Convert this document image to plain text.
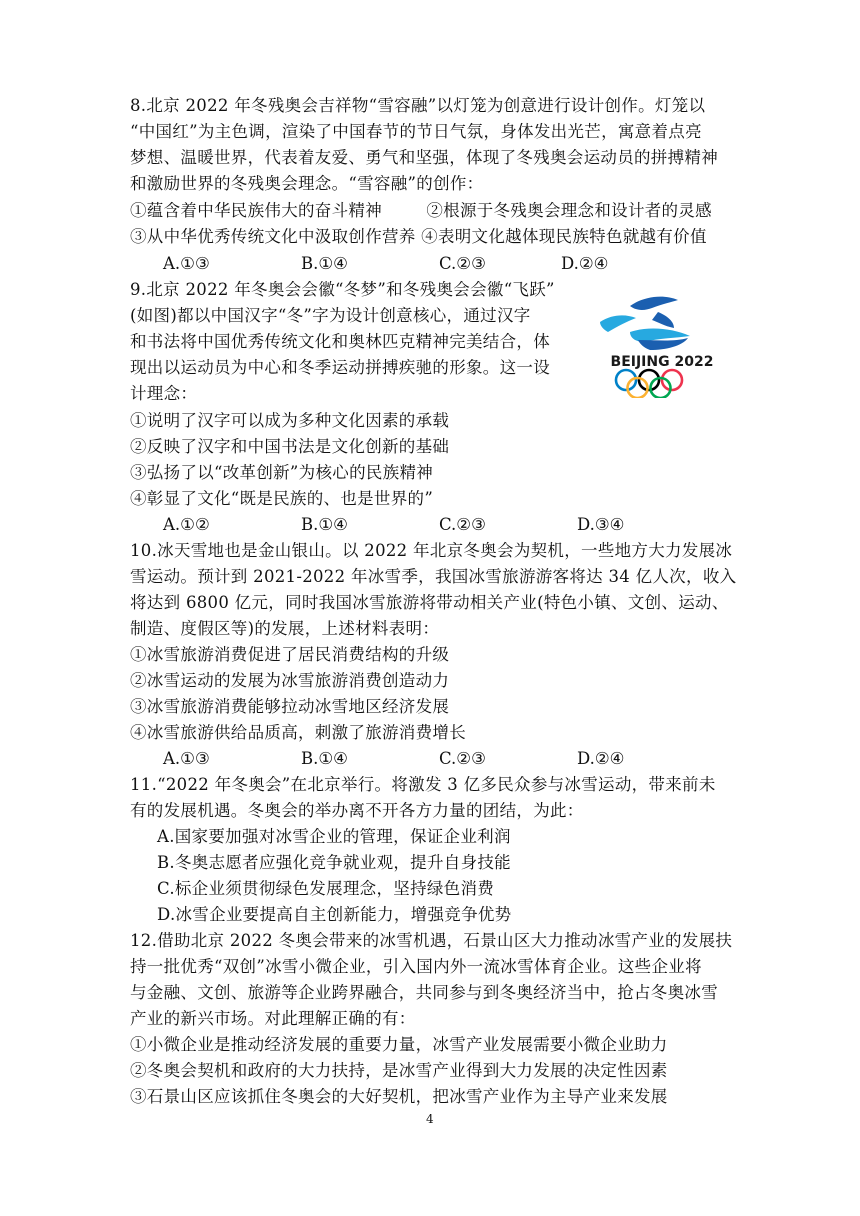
8.北京 2022 年冬残奥会吉祥物“雪容融”以灯笼为创意进行设计创作。灯笼以
“中国红”为主色调，渲染了中国春节的节日气氛，身体发出光芒，寓意着点亮
梦想、温暖世界，代表着友爱、勇气和坚强，体现了冬残奥会运动员的拼搏精神
和激励世界的冬残奥会理念。“雪容融”的创作：
①蕴含着中华民族伟大的奋斗精神        ②根源于冬残奥会理念和设计者的灵感
③从中华优秀传统文化中汲取创作营养 ④表明文化越体现民族特色就越有价值
A.①③	B.①④	C.②③	D.②④
9.北京 2022 年冬奥会会徽“冬梦”和冬残奥会会徽“飞跃”
(如图)都以中国汉字“冬”字为设计创意核心，通过汉字
和书法将中国优秀传统文化和奥林匹克精神完美结合，体
现出以运动员为中心和冬季运动拼搏疾驰的形象。这一设
计理念：
①说明了汉字可以成为多种文化因素的承载
②反映了汉字和中国书法是文化创新的基础
③弘扬了以“改革创新”为核心的民族精神
④彰显了文化“既是民族的、也是世界的”
A.①②	B.①④	C.②③	D.③④
BEIJING 2022
10.冰天雪地也是金山银山。以 2022 年北京冬奥会为契机，一些地方大力发展冰
雪运动。预计到 2021-2022 年冰雪季，我国冰雪旅游游客将达 34 亿人次，收入
将达到 6800 亿元，同时我国冰雪旅游将带动相关产业(特色小镇、文创、运动、
制造、度假区等)的发展，上述材料表明：
①冰雪旅游消费促进了居民消费结构的升级
②冰雪运动的发展为冰雪旅游消费创造动力
③冰雪旅游消费能够拉动冰雪地区经济发展
④冰雪旅游供给品质高，刺激了旅游消费增长
A.①③	B.①④	C.②③	D.②④
11.“2022 年冬奥会”在北京举行。将激发 3 亿多民众参与冰雪运动，带来前未
有的发展机遇。冬奥会的举办离不开各方力量的团结，为此：
A.国家要加强对冰雪企业的管理，保证企业利润
B.冬奥志愿者应强化竞争就业观，提升自身技能
C.标企业须贯彻绿色发展理念，坚持绿色消费
D.冰雪企业要提高自主创新能力，增强竞争优势
12.借助北京 2022 冬奥会带来的冰雪机遇，石景山区大力推动冰雪产业的发展扶
持一批优秀“双创”冰雪小微企业，引入国内外一流冰雪体育企业。这些企业将
与金融、文创、旅游等企业跨界融合，共同参与到冬奥经济当中，抢占冬奥冰雪
产业的新兴市场。对此理解正确的有：
①小微企业是推动经济发展的重要力量，冰雪产业发展需要小微企业助力
②冬奥会契机和政府的大力扶持，是冰雪产业得到大力发展的决定性因素
③石景山区应该抓住冬奥会的大好契机，把冰雪产业作为主导产业来发展
4
